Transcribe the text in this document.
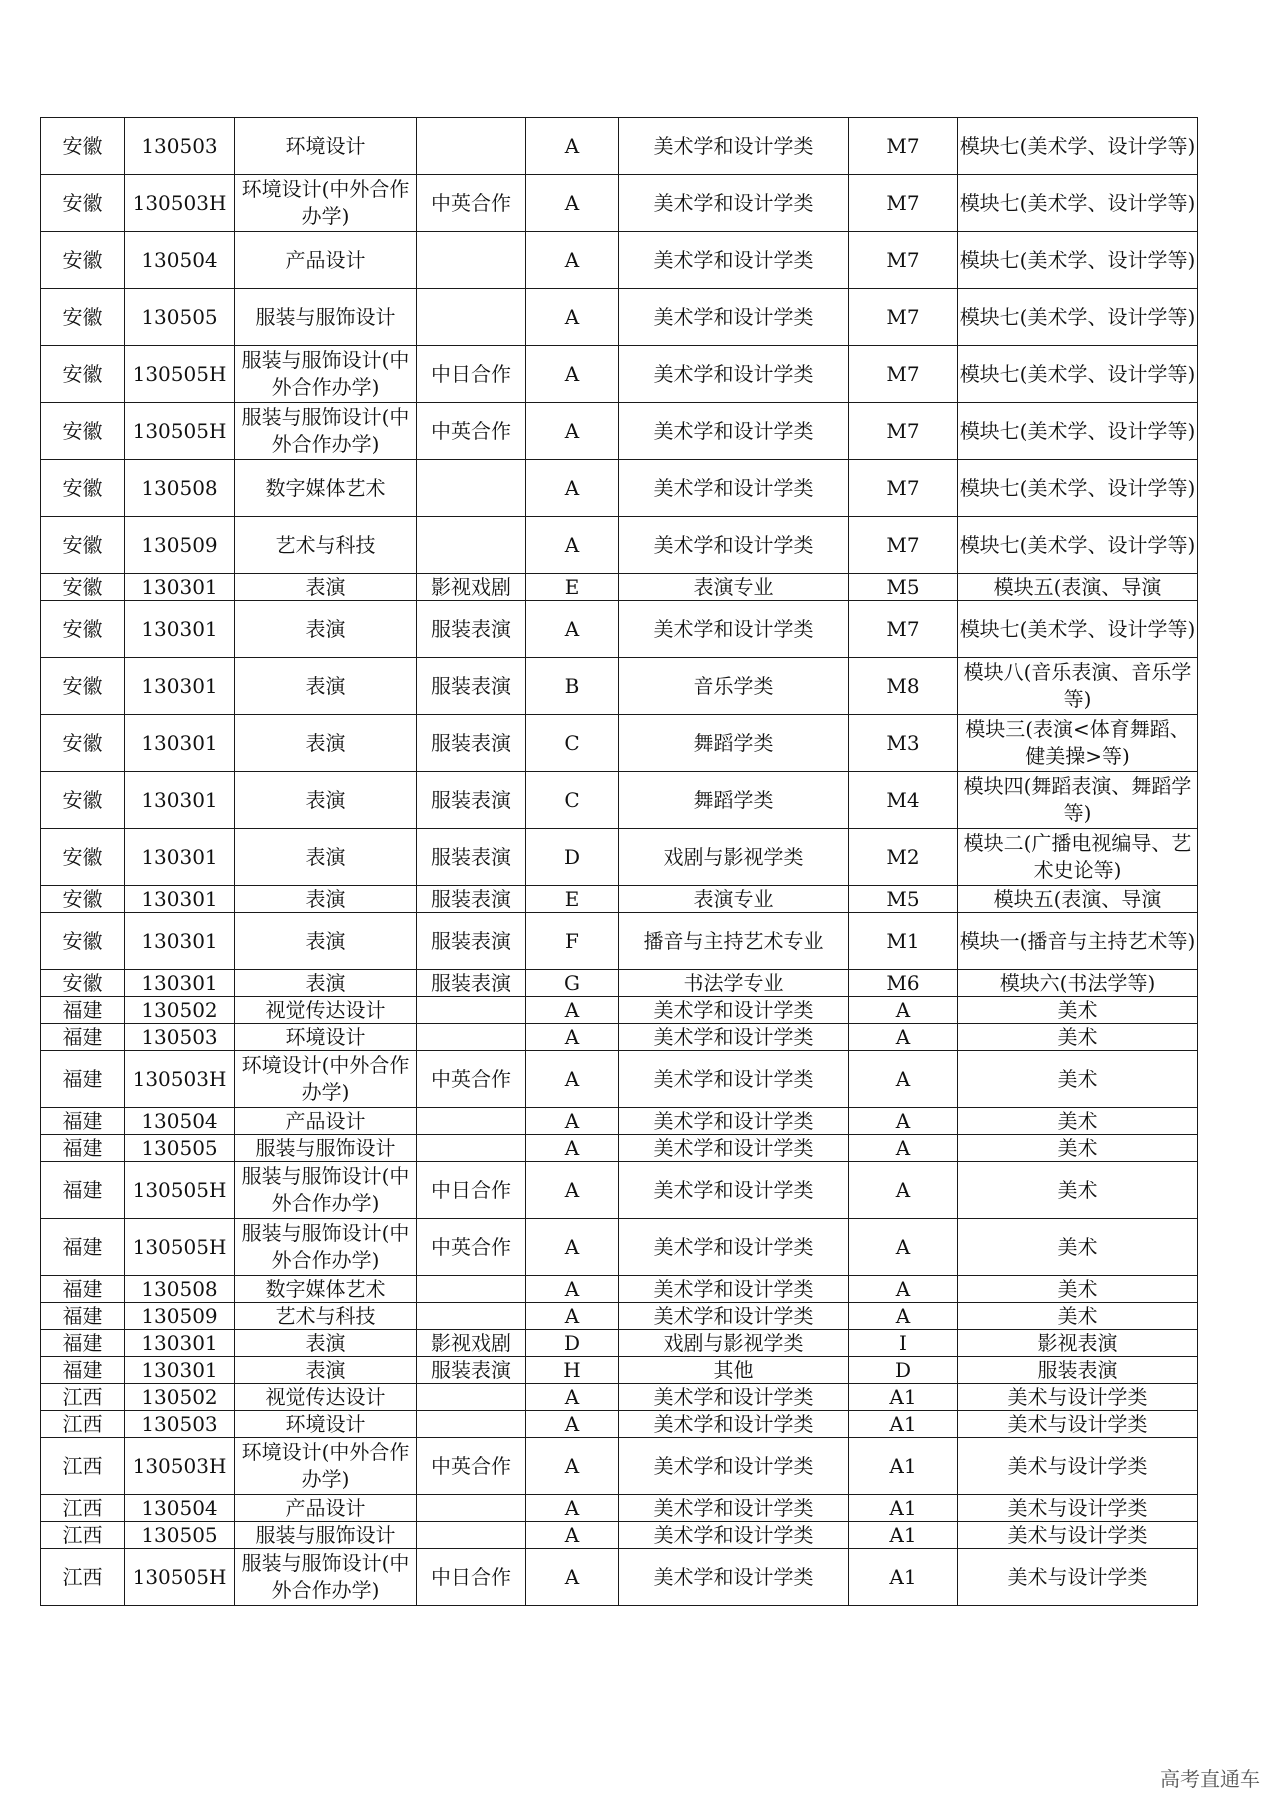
安徽	130503	环境设计		A	美术学和设计学类	M7	模块七(美术学、设计学等)
安徽	130503H	环境设计(中外合作办学)	中英合作	A	美术学和设计学类	M7	模块七(美术学、设计学等)
安徽	130504	产品设计		A	美术学和设计学类	M7	模块七(美术学、设计学等)
安徽	130505	服装与服饰设计		A	美术学和设计学类	M7	模块七(美术学、设计学等)
安徽	130505H	服装与服饰设计(中外合作办学)	中日合作	A	美术学和设计学类	M7	模块七(美术学、设计学等)
安徽	130505H	服装与服饰设计(中外合作办学)	中英合作	A	美术学和设计学类	M7	模块七(美术学、设计学等)
安徽	130508	数字媒体艺术		A	美术学和设计学类	M7	模块七(美术学、设计学等)
安徽	130509	艺术与科技		A	美术学和设计学类	M7	模块七(美术学、设计学等)
安徽	130301	表演	影视戏剧	E	表演专业	M5	模块五(表演、导演
安徽	130301	表演	服装表演	A	美术学和设计学类	M7	模块七(美术学、设计学等)
安徽	130301	表演	服装表演	B	音乐学类	M8	模块八(音乐表演、音乐学等)
安徽	130301	表演	服装表演	C	舞蹈学类	M3	模块三(表演<体育舞蹈、健美操>等)
安徽	130301	表演	服装表演	C	舞蹈学类	M4	模块四(舞蹈表演、舞蹈学等)
安徽	130301	表演	服装表演	D	戏剧与影视学类	M2	模块二(广播电视编导、艺术史论等)
安徽	130301	表演	服装表演	E	表演专业	M5	模块五(表演、导演
安徽	130301	表演	服装表演	F	播音与主持艺术专业	M1	模块一(播音与主持艺术等)
安徽	130301	表演	服装表演	G	书法学专业	M6	模块六(书法学等)
福建	130502	视觉传达设计		A	美术学和设计学类	A	美术
福建	130503	环境设计		A	美术学和设计学类	A	美术
福建	130503H	环境设计(中外合作办学)	中英合作	A	美术学和设计学类	A	美术
福建	130504	产品设计		A	美术学和设计学类	A	美术
福建	130505	服装与服饰设计		A	美术学和设计学类	A	美术
福建	130505H	服装与服饰设计(中外合作办学)	中日合作	A	美术学和设计学类	A	美术
福建	130505H	服装与服饰设计(中外合作办学)	中英合作	A	美术学和设计学类	A	美术
福建	130508	数字媒体艺术		A	美术学和设计学类	A	美术
福建	130509	艺术与科技		A	美术学和设计学类	A	美术
福建	130301	表演	影视戏剧	D	戏剧与影视学类	I	影视表演
福建	130301	表演	服装表演	H	其他	D	服装表演
江西	130502	视觉传达设计		A	美术学和设计学类	A1	美术与设计学类
江西	130503	环境设计		A	美术学和设计学类	A1	美术与设计学类
江西	130503H	环境设计(中外合作办学)	中英合作	A	美术学和设计学类	A1	美术与设计学类
江西	130504	产品设计		A	美术学和设计学类	A1	美术与设计学类
江西	130505	服装与服饰设计		A	美术学和设计学类	A1	美术与设计学类
江西	130505H	服装与服饰设计(中外合作办学)	中日合作	A	美术学和设计学类	A1	美术与设计学类
高考直通车
